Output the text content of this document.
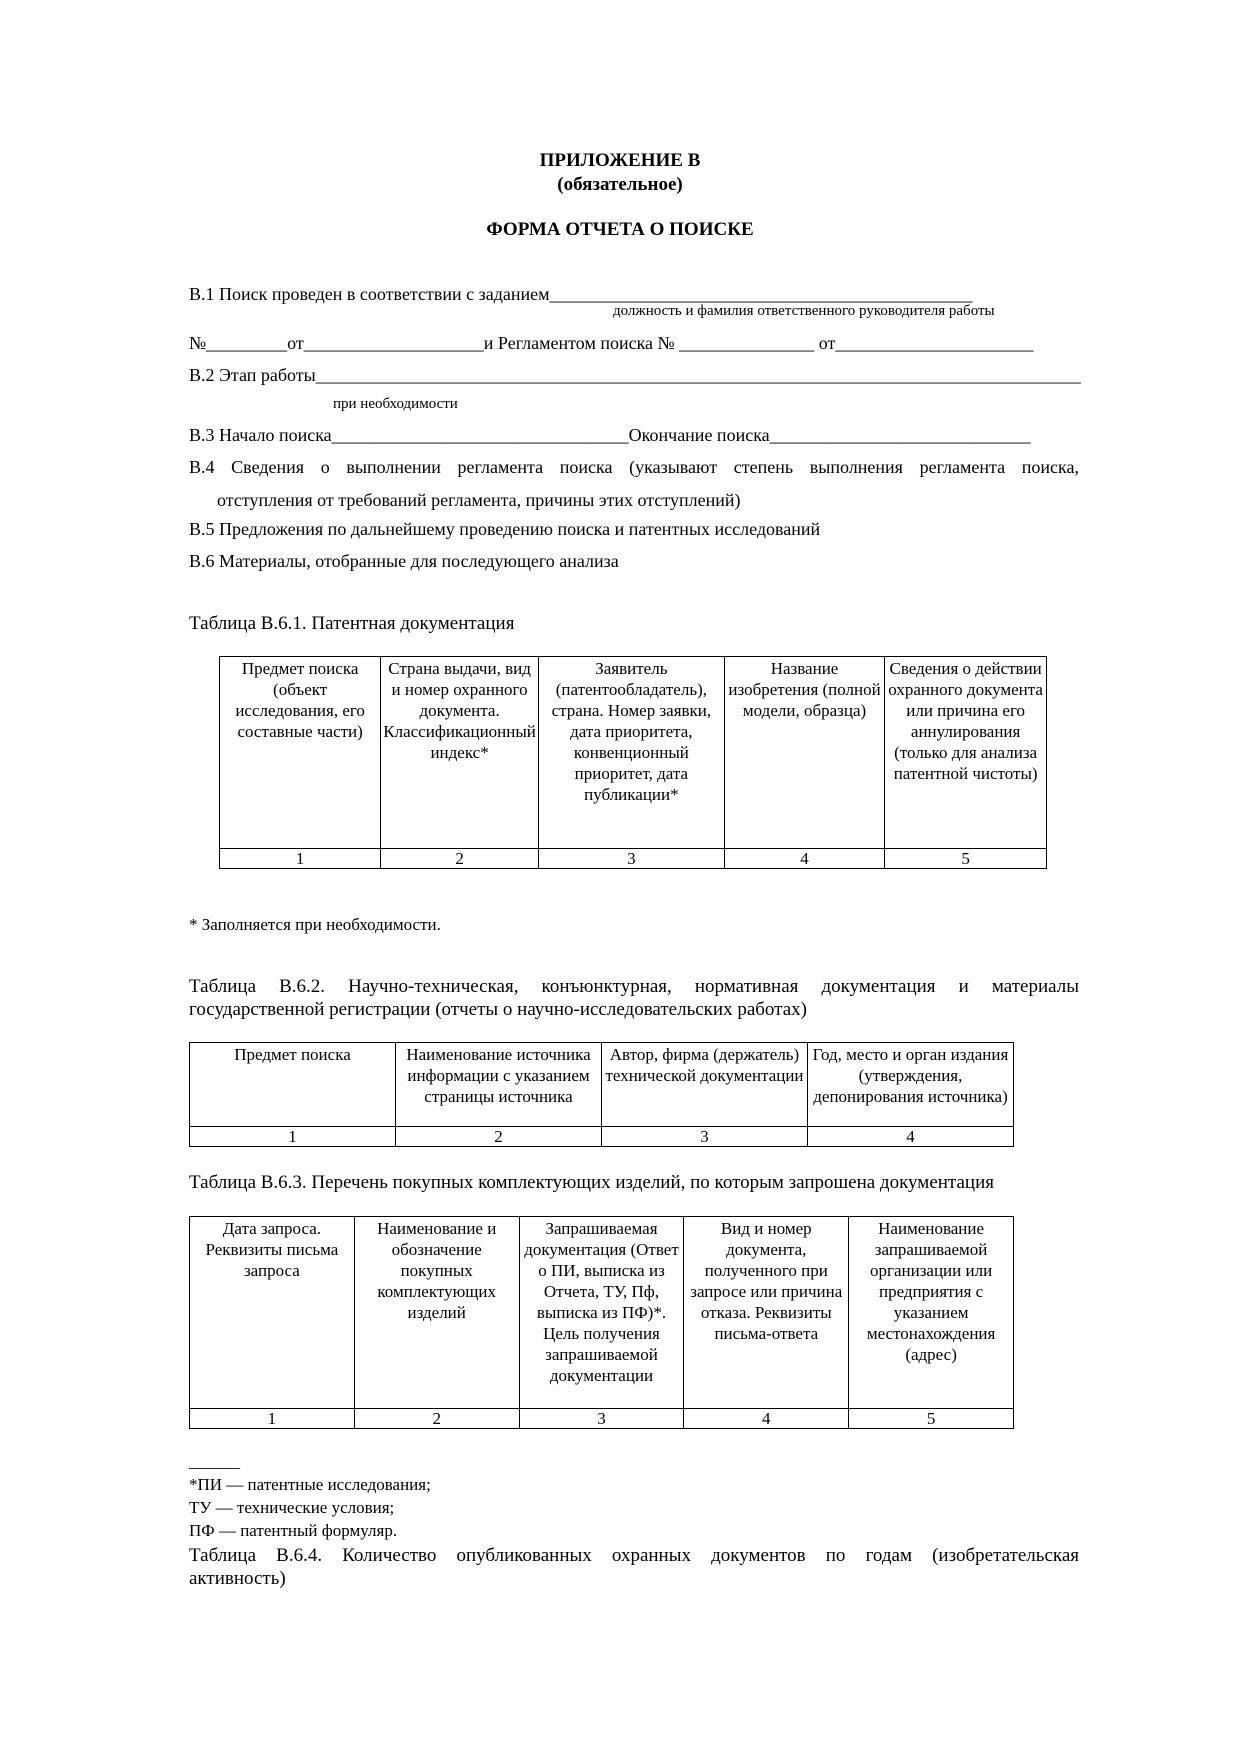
ПРИЛОЖЕНИЕ В
(обязательное)
ФОРМА ОТЧЕТА О ПОИСКЕ
В.1 Поиск проведен в соответствии с заданием_______________________________________________
должность и фамилия ответственного руководителя работы
№_________от____________________и Регламентом поиска № _______________ от______________________
В.2 Этап работы_____________________________________________________________________________________
при необходимости
В.3 Начало поиска_________________________________Окончание поиска_____________________________
В.4 Сведения о выполнении регламента поиска (указывают степень выполнения регламента поиска,
отступления от требований регламента, причины этих отступлений)
В.5 Предложения по дальнейшему проведению поиска и патентных исследований
В.6 Материалы, отобранные для последующего анализа
Таблица В.6.1. Патентная документация
Предмет поиска (объект исследования, его составные части)	Страна выдачи, вид и номер охранного документа. Классификационный индекс*	Заявитель (патентообладатель), страна. Номер заявки, дата приоритета, конвенционный приоритет, дата публикации*	Название изобретения (полной модели, образца)	Сведения о действии охранного документа или причина его аннулирования (только для анализа патентной чистоты)
1	2	3	4	5
* Заполняется при необходимости.
Таблица В.6.2. Научно-техническая, конъюнктурная, нормативная документация и материалы
государственной регистрации (отчеты о научно-исследовательских работах)
Предмет поиска	Наименование источника информации с указанием страницы источника	Автор, фирма (держатель) технической документации	Год, место и орган издания (утверждения, депонирования источника)
1	2	3	4
Таблица В.6.3. Перечень покупных комплектующих изделий, по которым запрошена документация
Дата запроса. Реквизиты письма запроса	Наименование и обозначение покупных комплектующих изделий	Запрашиваемая документация (Ответ о ПИ, выписка из Отчета, ТУ, Пф, выписка из ПФ)*. Цель получения запрашиваемой документации	Вид и номер документа, полученного при запросе или причина отказа. Реквизиты письма-ответа	Наименование запрашиваемой организации или предприятия с указанием местонахождения (адрес)
1	2	3	4	5
______
*ПИ — патентные исследования;
ТУ — технические условия;
ПФ — патентный формуляр.
Таблица В.6.4. Количество опубликованных охранных документов по годам (изобретательская
активность)
